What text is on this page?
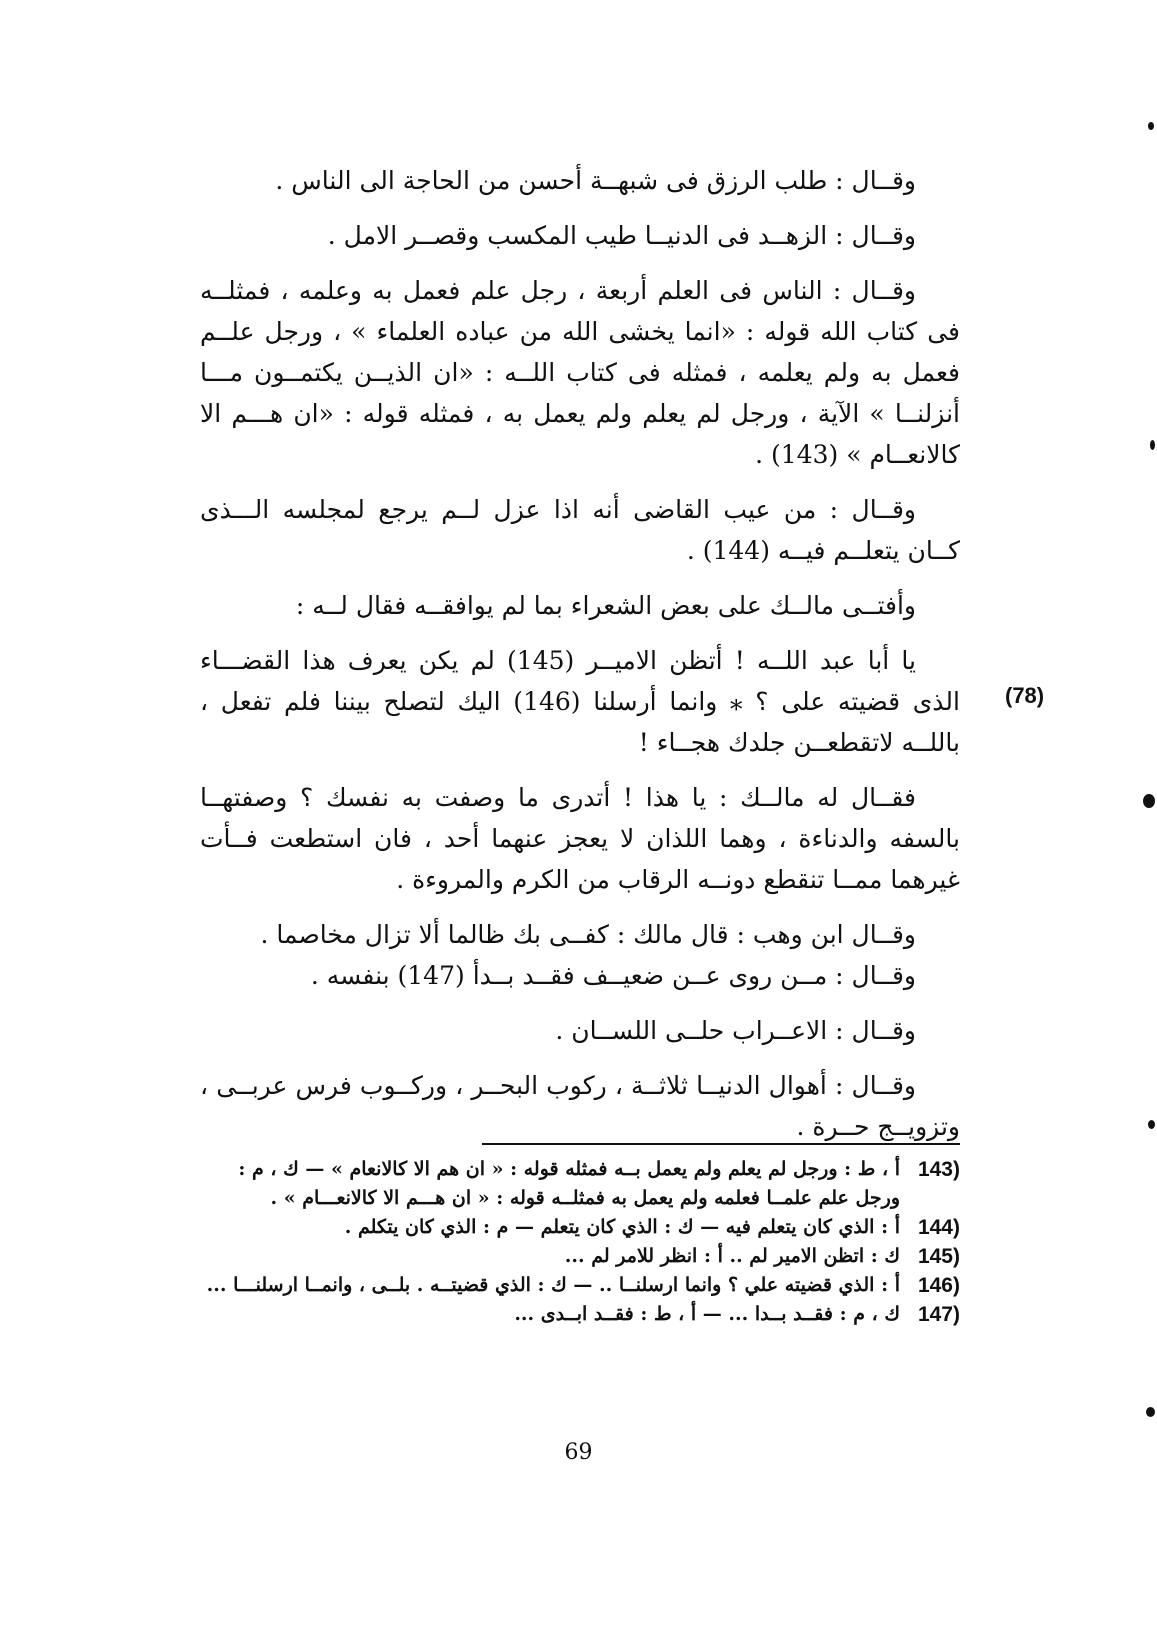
وقــال : طلب الرزق فى شبهــة أحسن من الحاجة الى الناس .

وقــال : الزهــد فى الدنيــا طيب المكسب وقصــر الامل .

وقــال : الناس فى العلم أربعة ، رجل علم فعمل به وعلمه ، فمثلــه فى كتاب الله قوله : «انما يخشى الله من عباده العلماء » ، ورجل علــم فعمل به ولم يعلمه ، فمثله فى كتاب اللــه : «ان الذيــن يكتمــون مـــا أنزلنــا » الآية ، ورجل لم يعلم ولم يعمل به ، فمثله قوله : «ان هـــم الا كالانعــام » (143) .

وقــال : من عيب القاضى أنه اذا عزل لــم يرجع لمجلسه الـــذى كــان يتعلــم فيــه (144) .

وأفتــى مالــك على بعض الشعراء بما لم يوافقــه فقال لــه :

يا أبا عبد اللــه ! أتظن الاميــر (145) لم يكن يعرف هذا القضـــاء الذى قضيته على ؟ ⁎ وانما أرسلنا (146) اليك لتصلح بيننا فلم تفعل ، باللــه لاتقطعــن جلدك هجــاء !

فقــال له مالــك : يا هذا ! أتدرى ما وصفت به نفسك ؟ وصفتهــا بالسفه والدناءة ، وهما اللذان لا يعجز عنهما أحد ، فان استطعت فــأت غيرهما ممــا تنقطع دونــه الرقاب من الكرم والمروءة .

وقــال ابن وهب : قال مالك : كفــى بك ظالما ألا تزال مخاصما .

وقــال : مــن روى عــن ضعيــف فقــد بــدأ (147) بنفسه .

وقــال : الاعــراب حلــى اللســان .

وقــال : أهوال الدنيــا ثلاثــة ، ركوب البحــر ، وركــوب فرس عربــى ، وتزويــج حــرة .

(78)
(143
أ ، ط : ورجل لم يعلم ولم يعمل بــه فمثله قوله : « ان هم الا كالانعام » — ك ، م : ورجل علم علمــا فعلمه ولم يعمل به فمثلــه قوله : « ان هـــم الا كالانعـــام » .
(144
أ : الذي كان يتعلم فيه — ك : الذي كان يتعلم — م : الذي كان يتكلم .
(145
ك : اتظن الامير لم .. أ : انظر للامر لم ...
(146
أ : الذي قضيته علي ؟ وانما ارسلنــا .. — ك : الذي قضيتــه . بلــى ، وانمــا ارسلنـــا ...
(147
ك ، م : فقــد بــدا ... — أ ، ط : فقــد ابــدى ...
69
